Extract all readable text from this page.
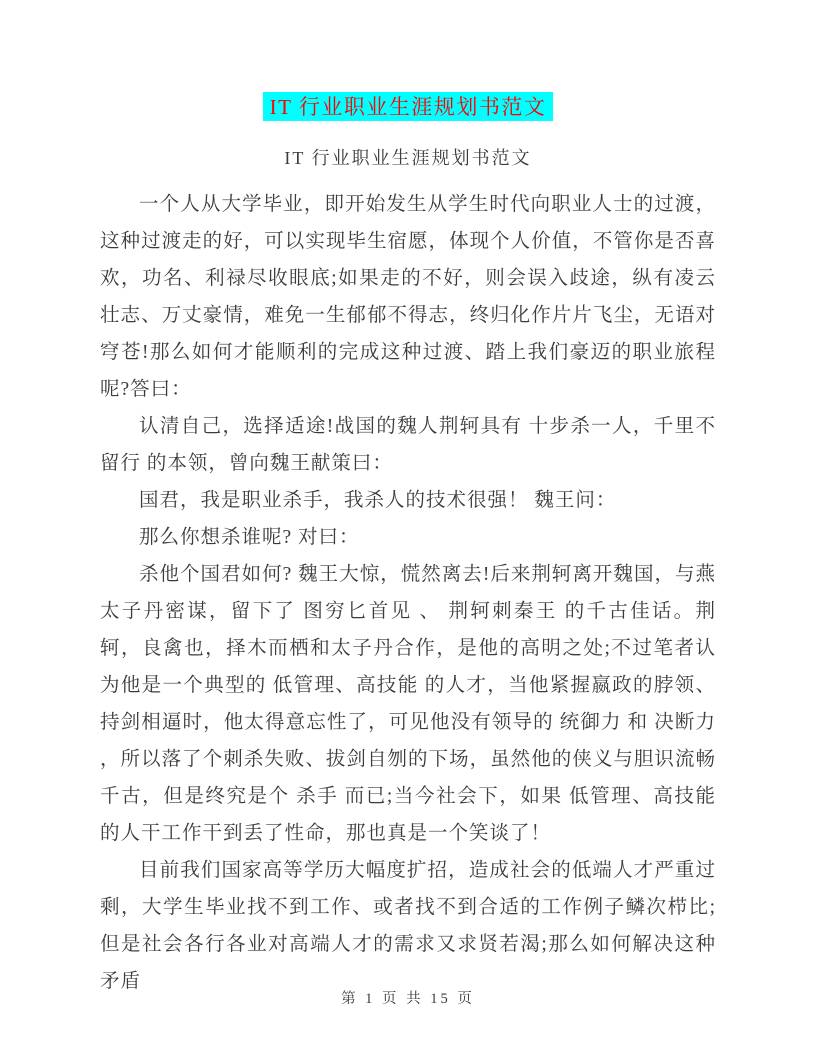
IT 行业职业生涯规划书范文
IT 行业职业生涯规划书范文

一个人从大学毕业，即开始发生从学生时代向职业人士的过渡，这种过渡走的好，可以实现毕生宿愿，体现个人价值，不管你是否喜欢，功名、利禄尽收眼底;如果走的不好，则会误入歧途，纵有凌云壮志、万丈豪情，难免一生郁郁不得志，终归化作片片飞尘，无语对穹苍!那么如何才能顺利的完成这种过渡、踏上我们豪迈的职业旅程呢?答曰：

认清自己，选择适途!战国的魏人荆轲具有 十步杀一人，千里不留行 的本领，曾向魏王献策曰：

国君，我是职业杀手，我杀人的技术很强！ 魏王问：

那么你想杀谁呢? 对曰：

杀他个国君如何? 魏王大惊，慌然离去!后来荆轲离开魏国，与燕太子丹密谋，留下了 图穷匕首见 、 荆轲刺秦王 的千古佳话。荆轲，良禽也，择木而栖和太子丹合作，是他的高明之处;不过笔者认为他是一个典型的 低管理、高技能 的人才，当他紧握嬴政的脖领、持剑相逼时，他太得意忘性了，可见他没有领导的 统御力 和 决断力 ，所以落了个刺杀失败、拔剑自刎的下场，虽然他的侠义与胆识流畅千古，但是终究是个 杀手 而已;当今社会下，如果 低管理、高技能 的人干工作干到丢了性命，那也真是一个笑谈了！

目前我们国家高等学历大幅度扩招，造成社会的低端人才严重过剩，大学生毕业找不到工作、或者找不到合适的工作例子鳞次栉比;但是社会各行各业对高端人才的需求又求贤若渴;那么如何解决这种矛盾

第 1 页 共 15 页
